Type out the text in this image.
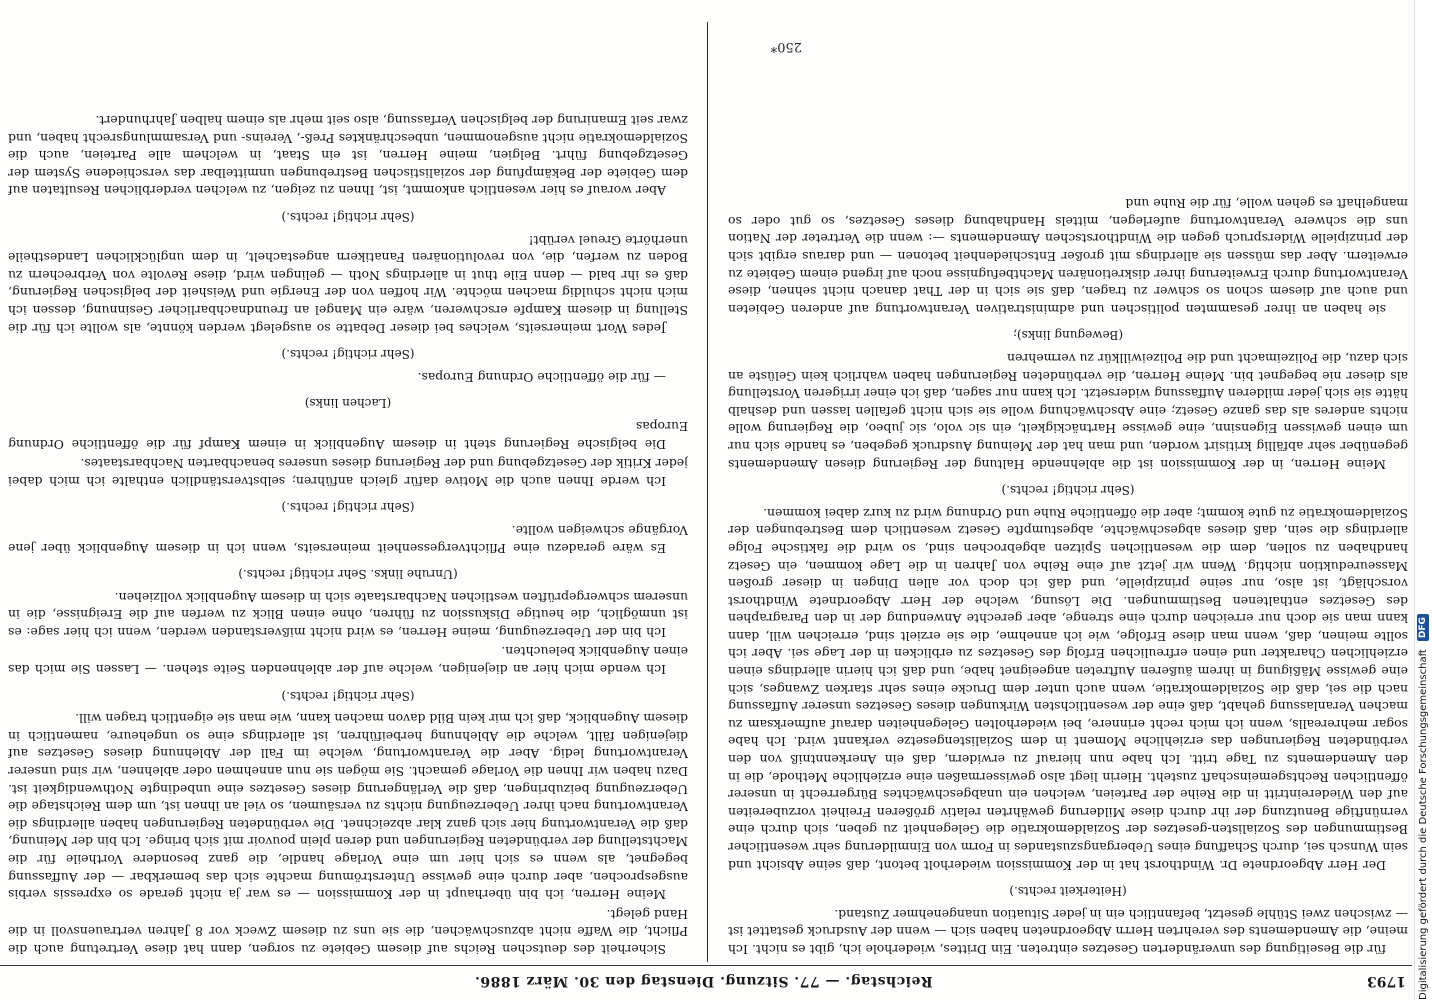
1793
Reichstag. — 77. Sitzung. Dienstag den 30. März 1886.

für die Beseitigung des unveränderten Gesetzes eintreten. Ein Drittes, wiederhole ich, gibt es nicht. Ich meine, die Amendements des verehrten Herrn Abgeordneten haben sich — wenn der Ausdruck gestattet ist — zwischen zwei Stühle gesetzt, befanntlich ein in jeder Situation unangenehmer Zustand.

(Heiterkeit rechts.)

Der Herr Abgeordnete Dr. Windthorst hat in der Kommission wiederholt betont, daß seine Absicht und sein Wunsch sei, durch Schaffung eines Uebergangszustandes in Form von Einmilderung sehr wesentlicher Bestimmungen des Sozialisten-gesetzes der Sozialdemokratie die Gelegenheit zu geben, sich durch eine vernünftige Benutzung der ihr durch diese Milderung gewährten relativ größeren Freiheit vorzubereiten auf den Wiedereintritt in die Reihe der Parteien, welchen ein unabgeschwächtes Bürgerrecht in unserer öffentlichen Rechtsgemeinschaft zusteht. Hierin liegt also gewissermaßen eine erziehliche Methode, die in den Amendements zu Tage tritt. Ich habe nun hierauf zu erwidern, daß ein Anerkenntniß von den verbündeten Regierungen das erziehliche Moment in dem Sozialistengesetze verkannt wird. Ich habe sogar mehrerealls, wenn ich mich recht erinnere, bei wiederholten Gelegenheiten darauf aufmerksam zu machen Veranlassung gehabt, daß eine der wesentlichsten Wirkungen dieses Gesetzes unserer Auffassung nach die sei, daß die Sozialdemokratie, wenn auch unter dem Drucke eines sehr starken Zwanges, sich eine gewisse Mäßigung in ihrem äußeren Auftreten angeeignet habe, und daß ich hierin allerdings einen erziehlichen Charakter und einen erfreulichen Erfolg des Gesetzes zu erblicken in der Lage sei. Aber ich sollte meinen, daß, wenn man diese Erfolge, wie ich annehme, die sie erzielt sind, erreichen will, dann kann man sie doch nur erreichen durch eine strenge, aber gerechte Anwendung der in den Paragraphen des Gesetzes enthaltenen Bestimmungen. Die Lösung, welche der Herr Abgeordnete Windthorst vorschlägt, ist also, nur seine prinzipielle, und daß ich doch vor allen Dingen in dieser großen Masseureduktion nichtig. Wenn wir jetzt auf eine Reihe von Jahren in die Lage kommen, ein Gesetz handhaben zu sollen, dem die wesentlichen Spitzen abgebrochen sind, so wird die faktische Folge allerdings die sein, daß dieses abgeschwächte, abgestumpfte Gesetz wesentlich dem Bestrebungen der Sozialdemokratie zu gute kommt; aber die öffentliche Ruhe und Ordnung wird zu kurz dabei kommen.

(Sehr richtig! rechts.)

Meine Herren, in der Kommission ist die ablehnende Haltung der Regierung diesen Amendements gegenüber sehr abfällig kritisirt worden, und man hat der Meinung Ausdruck gegeben, es handle sich nur um einen gewissen Eigensinn, eine gewisse Hartnäckigkeit, ein sic volo, sic jubeo, die Regierung wolle nichts anderes als das ganze Gesetz; eine Abschwächung wolle sie sich nicht gefallen lassen und deshalb hätte sie sich jeder milderen Auffassung widersetzt. Ich kann nur sagen, daß ich einer irrigeren Vorstellung als dieser nie begegnet bin. Meine Herren, die verbündeten Regierungen haben wahrlich kein Gelüste an sich dazu, die Polizeimacht und die Polizeiwillkür zu vermehren

(Bewegung links);

sie haben an ihrer gesammten politischen und administrativen Verantwortung auf anderen Gebieten und auch auf diesem schon so schwer zu tragen, daß sie sich in der That danach nicht sehnen, diese Verantwortung durch Erweiterung ihrer diskretionären Machtbefugnisse noch auf irgend einem Gebiete zu erweitern. Aber das müssen sie allerdings mit großer Entschiedenheit betonen — und daraus ergibt sich der prinzipielle Widerspruch gegen die Windthorstschen Amendements —: wenn die Vertreter der Nation uns die schwere Verantwortung auferlegen, mittels Handhabung dieses Gesetzes, so gut oder so mangelhaft es gehen wolle, für die Ruhe und

Sicherheit des deutschen Reichs auf diesem Gebiete zu sorgen, dann hat diese Vertretung auch die Pflicht, die Waffe nicht abzuschwächen, die sie uns zu diesem Zweck vor 8 Jahren vertrauensvoll in die Hand gelegt.

Meine Herren, ich bin überhaupt in der Kommission — es war ja nicht gerade so expressis verbis ausgesprochen, aber durch eine gewisse Unterströmung machte sich das bemerkbar — der Auffassung begegnet, als wenn es sich hier um eine Vorlage handle, die ganz besondere Vortheile für die Machtstellung der verbündeten Regierungen und deren plein pouvoir mit sich bringe. Ich bin der Meinung, daß die Verantwortung hier sich ganz klar abzeichnet. Die verbündeten Regierungen haben allerdings die Verantwortung nach ihrer Ueberzeugung nichts zu versäumen, so viel an ihnen ist, um dem Reichstage die Ueberzeugung beizubringen, daß die Verlängerung dieses Gesetzes eine unbedingte Nothwendigkeit ist. Dazu haben wir Ihnen die Vorlage gemacht. Sie mögen sie nun annehmen oder ablehnen, wir sind unserer Verantwortung ledig. Aber die Verantwortung, welche im Fall der Ablehnung dieses Gesetzes auf diejenigen fällt, welche die Ablehnung herbeiführen, ist allerdings eine so ungeheure, namentlich in diesem Augenblick, daß ich mir kein Bild davon machen kann, wie man sie eigentlich tragen will.

(Sehr richtig! rechts.)

Ich wende mich hier an diejenigen, welche auf der ablehnenden Seite stehen. — Lassen Sie mich das einen Augenblick beleuchten.

Ich bin der Ueberzeugung, meine Herren, es wird nicht mißverstanden werden, wenn ich hier sage: es ist unmöglich, die heutige Diskussion zu führen, ohne einen Blick zu werfen auf die Ereignisse, die in unserem schwergeprüften westlichen Nachbarstaate sich in diesem Augenblick vollziehen.

(Unruhe links. Sehr richtig! rechts.)

Es wäre geradezu eine Pflichtvergessenheit meinerseits, wenn ich in diesem Augenblick über jene Vorgänge schweigen wollte.

(Sehr richtig! rechts.)

Ich werde Ihnen auch die Motive dafür gleich anführen; selbstverständlich enthalte ich mich dabei jeder Kritik der Gesetzgebung und der Regierung dieses unseres benachbarten Nachbarstaates.

Die belgische Regierung steht in diesem Augenblick in einem Kampf für die öffentliche Ordnung Europas

(Lachen links)

— für die öffentliche Ordnung Europas.

(Sehr richtig! rechts.)

Jedes Wort meinerseits, welches bei dieser Debatte so ausgelegt werden könnte, als wollte ich für die Stellung in diesem Kampfe erschweren, wäre ein Mangel an freundnachbarlicher Gesinnung, dessen ich mich nicht schuldig machen möchte. Wir hoffen von der Energie und Weisheit der belgischen Regierung, daß es ihr bald — denn Eile thut in allerdings Noth — gelingen wird, diese Revolte von Verbrechern zu Boden zu werfen, die, von revolutionären Fanatikern angestachelt, in dem unglücklichen Landestheile unerhörte Greuel verübt!

(Sehr richtig! rechts.)

Aber worauf es hier wesentlich ankommt, ist, Ihnen zu zeigen, zu welchen verderblichen Resultaten auf dem Gebiete der Bekämpfung der sozialistischen Bestrebungen unmittelbar das verschiedene System der Gesetzgebung führt. Belgien, meine Herren, ist ein Staat, in welchem alle Parteien, auch die Sozialdemokratie nicht ausgenommen, unbeschränktes Preß-, Vereins- und Versammlungsrecht haben, und zwar seit Emanirung der belgischen Verfassung, also seit mehr als einem halben Jahrhundert.

250*
Digitalisierung gefördert durch die Deutsche Forschungsgemeinschaft
DFG
